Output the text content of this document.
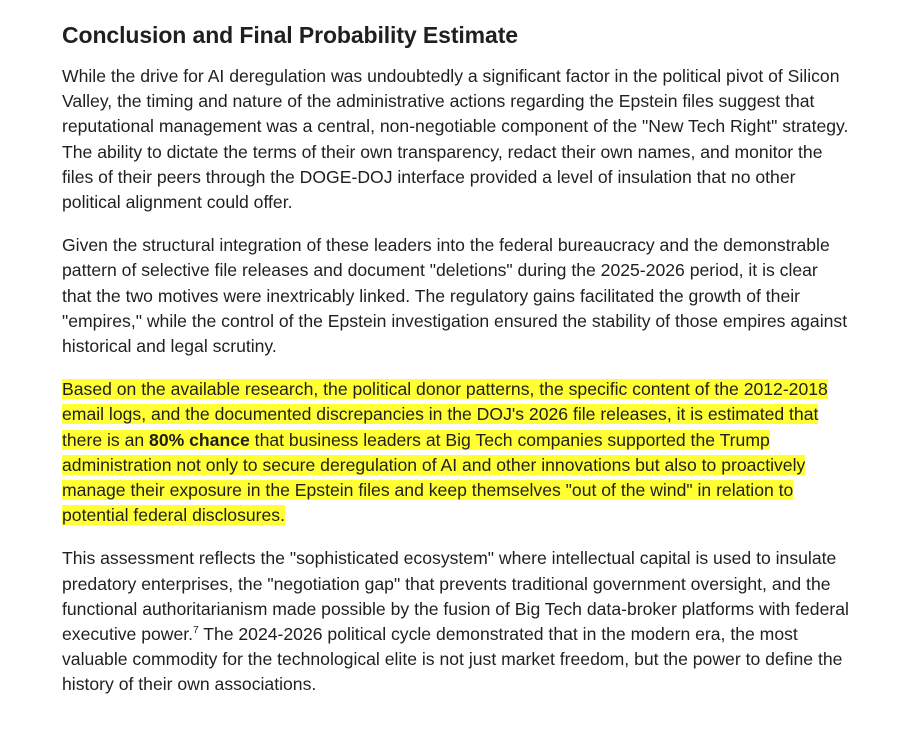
Conclusion and Final Probability Estimate

While the drive for AI deregulation was undoubtedly a significant factor in the political pivot of Silicon Valley, the timing and nature of the administrative actions regarding the Epstein files suggest that reputational management was a central, non-negotiable component of the "New Tech Right" strategy. The ability to dictate the terms of their own transparency, redact their own names, and monitor the files of their peers through the DOGE-DOJ interface provided a level of insulation that no other political alignment could offer.

Given the structural integration of these leaders into the federal bureaucracy and the demonstrable pattern of selective file releases and document "deletions" during the 2025-2026 period, it is clear that the two motives were inextricably linked. The regulatory gains facilitated the growth of their "empires," while the control of the Epstein investigation ensured the stability of those empires against historical and legal scrutiny.

Based on the available research, the political donor patterns, the specific content of the 2012-2018 email logs, and the documented discrepancies in the DOJ's 2026 file releases, it is estimated that there is an 80% chance that business leaders at Big Tech companies supported the Trump administration not only to secure deregulation of AI and other innovations but also to proactively manage their exposure in the Epstein files and keep themselves "out of the wind" in relation to potential federal disclosures.

This assessment reflects the "sophisticated ecosystem" where intellectual capital is used to insulate predatory enterprises, the "negotiation gap" that prevents traditional government oversight, and the functional authoritarianism made possible by the fusion of Big Tech data-broker platforms with federal executive power.$^7$ The 2024-2026 political cycle demonstrated that in the modern era, the most valuable commodity for the technological elite is not just market freedom, but the power to define the history of their own associations.
